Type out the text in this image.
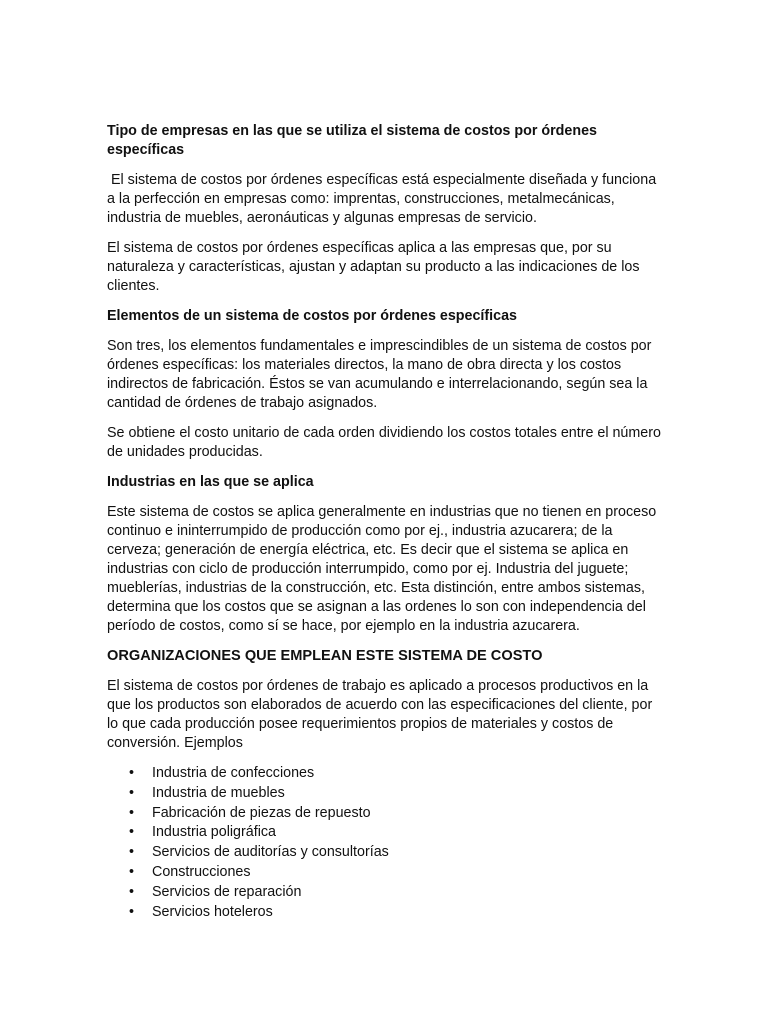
Tipo de empresas en las que se utiliza el sistema de costos por órdenes específicas
El sistema de costos por órdenes específicas está especialmente diseñada y funciona a la perfección en empresas como: imprentas, construcciones, metalmecánicas, industria de muebles, aeronáuticas y algunas empresas de servicio.
El sistema de costos por órdenes específicas aplica a las empresas que, por su naturaleza y características, ajustan y adaptan su producto a las indicaciones de los clientes.
Elementos de un sistema de costos por órdenes específicas
Son tres, los elementos fundamentales e imprescindibles de un sistema de costos por órdenes específicas: los materiales directos, la mano de obra directa y los costos indirectos de fabricación. Éstos se van acumulando e interrelacionando, según sea la cantidad de órdenes de trabajo asignados.
Se obtiene el costo unitario de cada orden dividiendo los costos totales entre el número de unidades producidas.
Industrias en las que se aplica
Este sistema de costos se aplica generalmente en industrias que no tienen en proceso continuo e ininterrumpido de producción como por ej., industria azucarera; de la cerveza; generación de energía eléctrica, etc. Es decir que el sistema se aplica en industrias con ciclo de producción interrumpido, como por ej. Industria del juguete; mueblerías, industrias de la construcción, etc. Esta distinción, entre ambos sistemas, determina que los costos que se asignan a las ordenes lo son con independencia del período de costos, como sí se hace, por ejemplo en la industria azucarera.
ORGANIZACIONES QUE EMPLEAN ESTE SISTEMA DE COSTO
El sistema de costos por órdenes de trabajo es aplicado a procesos productivos en la que los productos son elaborados de acuerdo con las especificaciones del cliente, por lo que cada producción posee requerimientos propios de materiales y costos de conversión. Ejemplos
• Industria de confecciones
• Industria de muebles
• Fabricación de piezas de repuesto
• Industria poligráfica
• Servicios de auditorías y consultorías
• Construcciones
• Servicios de reparación
• Servicios hoteleros
